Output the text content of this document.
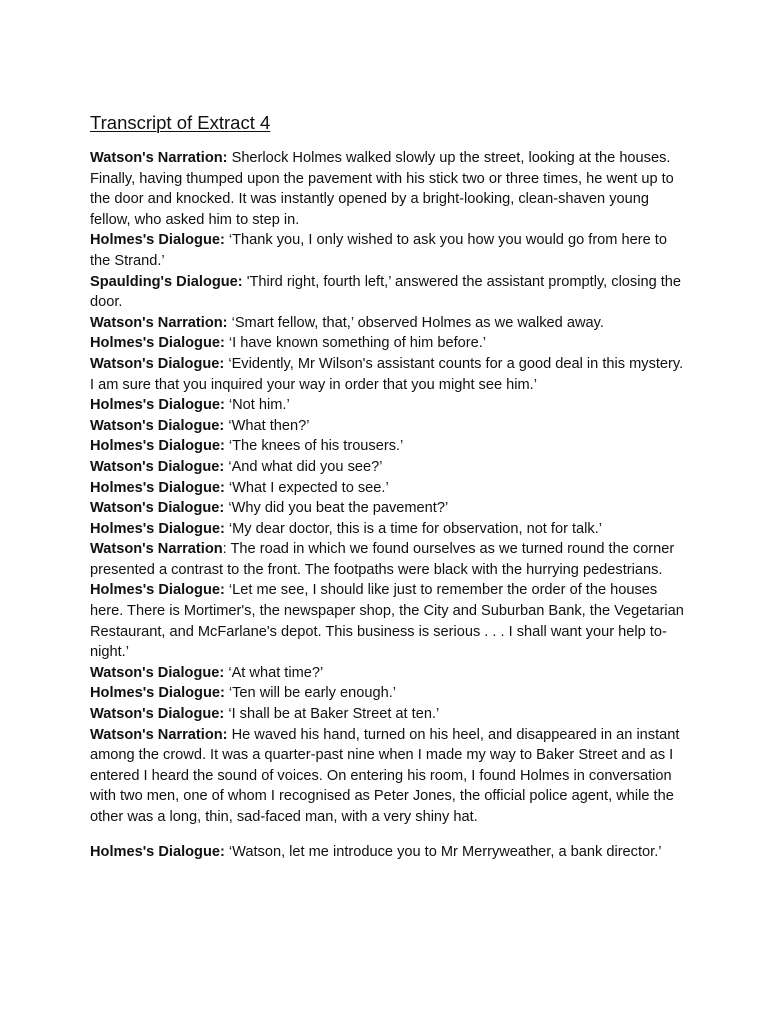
Transcript of Extract 4

Watson's Narration: Sherlock Holmes walked slowly up the street, looking at the houses. Finally, having thumped upon the pavement with his stick two or three times, he went up to the door and knocked. It was instantly opened by a bright-looking, clean-shaven young fellow, who asked him to step in.

Holmes's Dialogue: ‘Thank you, I only wished to ask you how you would go from here to the Strand.’

Spaulding's Dialogue: 'Third right, fourth left,’ answered the assistant promptly, closing the door.

Watson's Narration: ‘Smart fellow, that,’ observed Holmes as we walked away.

Holmes's Dialogue: ‘I have known something of him before.’

Watson's Dialogue: ‘Evidently, Mr Wilson's assistant counts for a good deal in this mystery. I am sure that you inquired your way in order that you might see him.’

Holmes's Dialogue: ‘Not him.’

Watson's Dialogue: ‘What then?’

Holmes's Dialogue: ‘The knees of his trousers.’

Watson's Dialogue: ‘And what did you see?’

Holmes's Dialogue: ‘What I expected to see.’

Watson's Dialogue: ‘Why did you beat the pavement?’

Holmes's Dialogue: ‘My dear doctor, this is a time for observation, not for talk.’

Watson's Narration: The road in which we found ourselves as we turned round the corner presented a contrast to the front. The footpaths were black with the hurrying pedestrians.

Holmes's Dialogue: ‘Let me see, I should like just to remember the order of the houses here. There is Mortimer's, the newspaper shop, the City and Suburban Bank, the Vegetarian Restaurant, and McFarlane's depot. This business is serious . . . I shall want your help to-night.’

Watson's Dialogue: ‘At what time?’

Holmes's Dialogue: ‘Ten will be early enough.’

Watson's Dialogue: ‘I shall be at Baker Street at ten.’

Watson's Narration: He waved his hand, turned on his heel, and disappeared in an instant among the crowd. It was a quarter-past nine when I made my way to Baker Street and as I entered I heard the sound of voices. On entering his room, I found Holmes in conversation with two men, one of whom I recognised as Peter Jones, the official police agent, while the other was a long, thin, sad-faced man, with a very shiny hat.

Holmes's Dialogue: ‘Watson, let me introduce you to Mr Merryweather, a bank director.’
